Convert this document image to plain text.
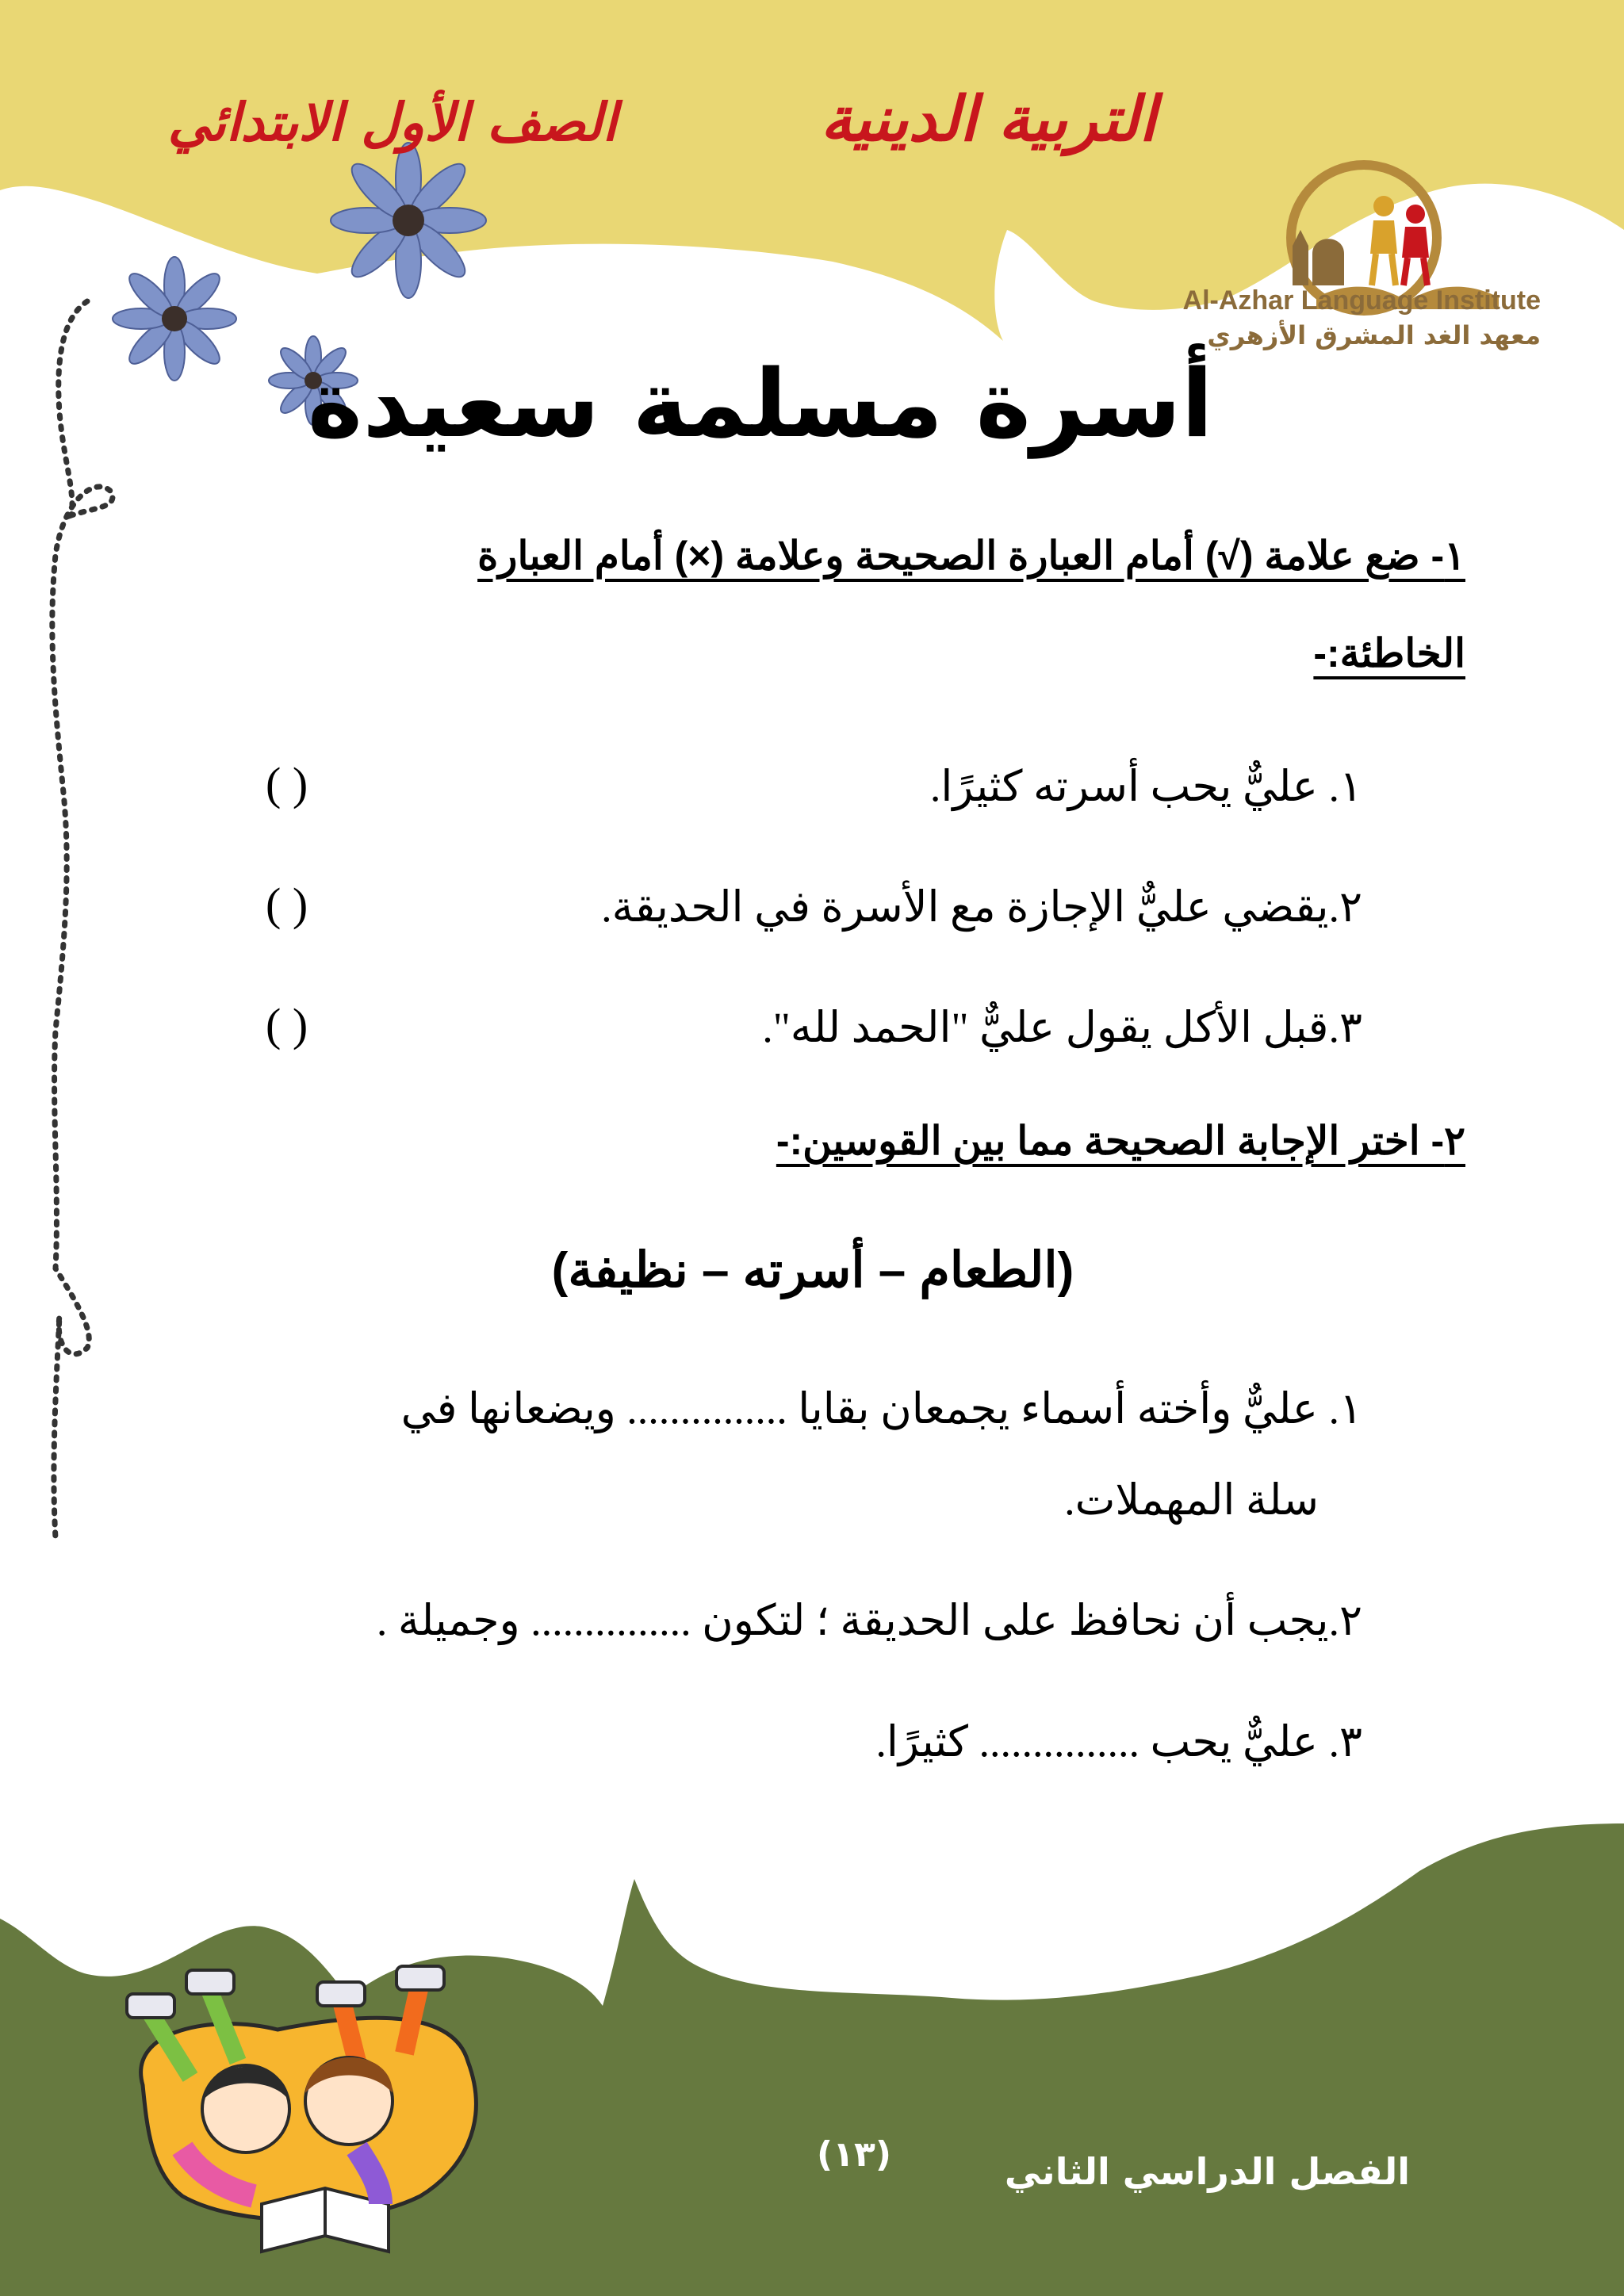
التربية الدينية
الصف الأول الابتدائي
Al-Azhar Language Institute
معهد الغد المشرق الأزهري
أسرة مسلمة سعيدة
١- ضع علامة (√) أمام العبارة الصحيحة وعلامة (×) أمام العبارة
الخاطئة:-
١. عليٌّ يحب أسرته كثيرًا.
( )
٢.يقضي عليٌّ الإجازة مع الأسرة في الحديقة.
( )
٣.قبل الأكل يقول عليٌّ "الحمد لله".
( )
٢- اختر الإجابة الصحيحة مما بين القوسين:-
(الطعام – أسرته – نظيفة)
١. عليٌّ وأخته أسماء يجمعان بقايا ............... ويضعانها في
سلة المهملات.
٢.يجب أن نحافظ على الحديقة ؛ لتكون ............... وجميلة .
٣. عليٌّ يحب ............... كثيرًا.
(١٣)	الفصل الدراسي الثاني
